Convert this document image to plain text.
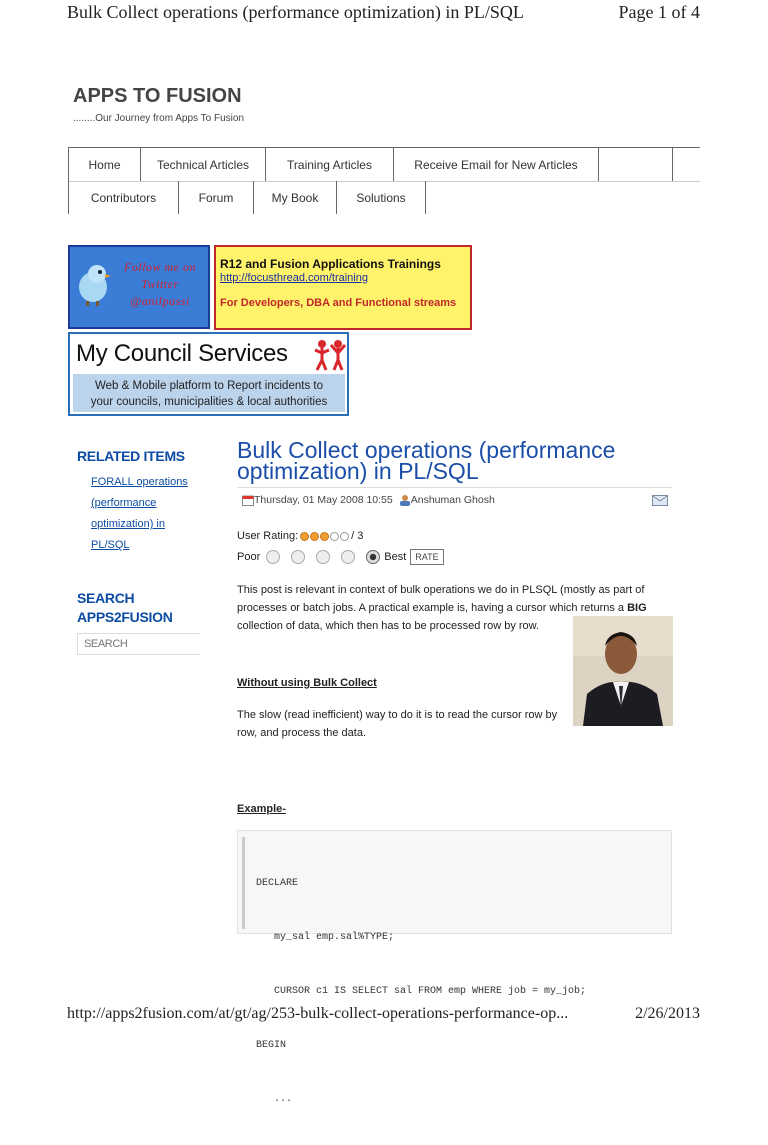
Bulk Collect operations (performance optimization) in PL/SQL	Page 1 of 4
http://apps2fusion.com/at/gt/ag/253-bulk-collect-operations-performance-op...	2/26/2013
APPS TO FUSION
........Our Journey from Apps To Fusion
Home	Technical Articles	Training Articles	Receive Email for New Articles
Contributors	Forum	My Book	Solutions
Follow me on
Twitter
@anilpassi
R12 and Fusion Applications Trainings
http://focusthread.com/training
For Developers, DBA and Functional streams
My Council Services
Web & Mobile platform to Report incidents to
your councils, municipalities & local authorities
RELATED ITEMS
FORALL operations
(performance
optimization) in
PL/SQL
SEARCH
APPS2FUSION
SEARCH
Bulk Collect operations (performance optimization) in PL/SQL
Thursday, 01 May 2008 10:55 Anshuman Ghosh
User Rating:	/ 3
Poor	Best	RATE
This post is relevant in context of bulk operations we do in PLSQL (mostly as part of processes or batch jobs. A practical example is, having a cursor which returns a BIG collection of data, which then has to be processed row by row.
Without using Bulk Collect
The slow (read inefficient) way to do it is to read the cursor row by row, and process the data.
Example-

DECLARE

my_sal emp.sal%TYPE;

CURSOR c1 IS SELECT sal FROM emp WHERE job = my_job;

BEGIN

...
